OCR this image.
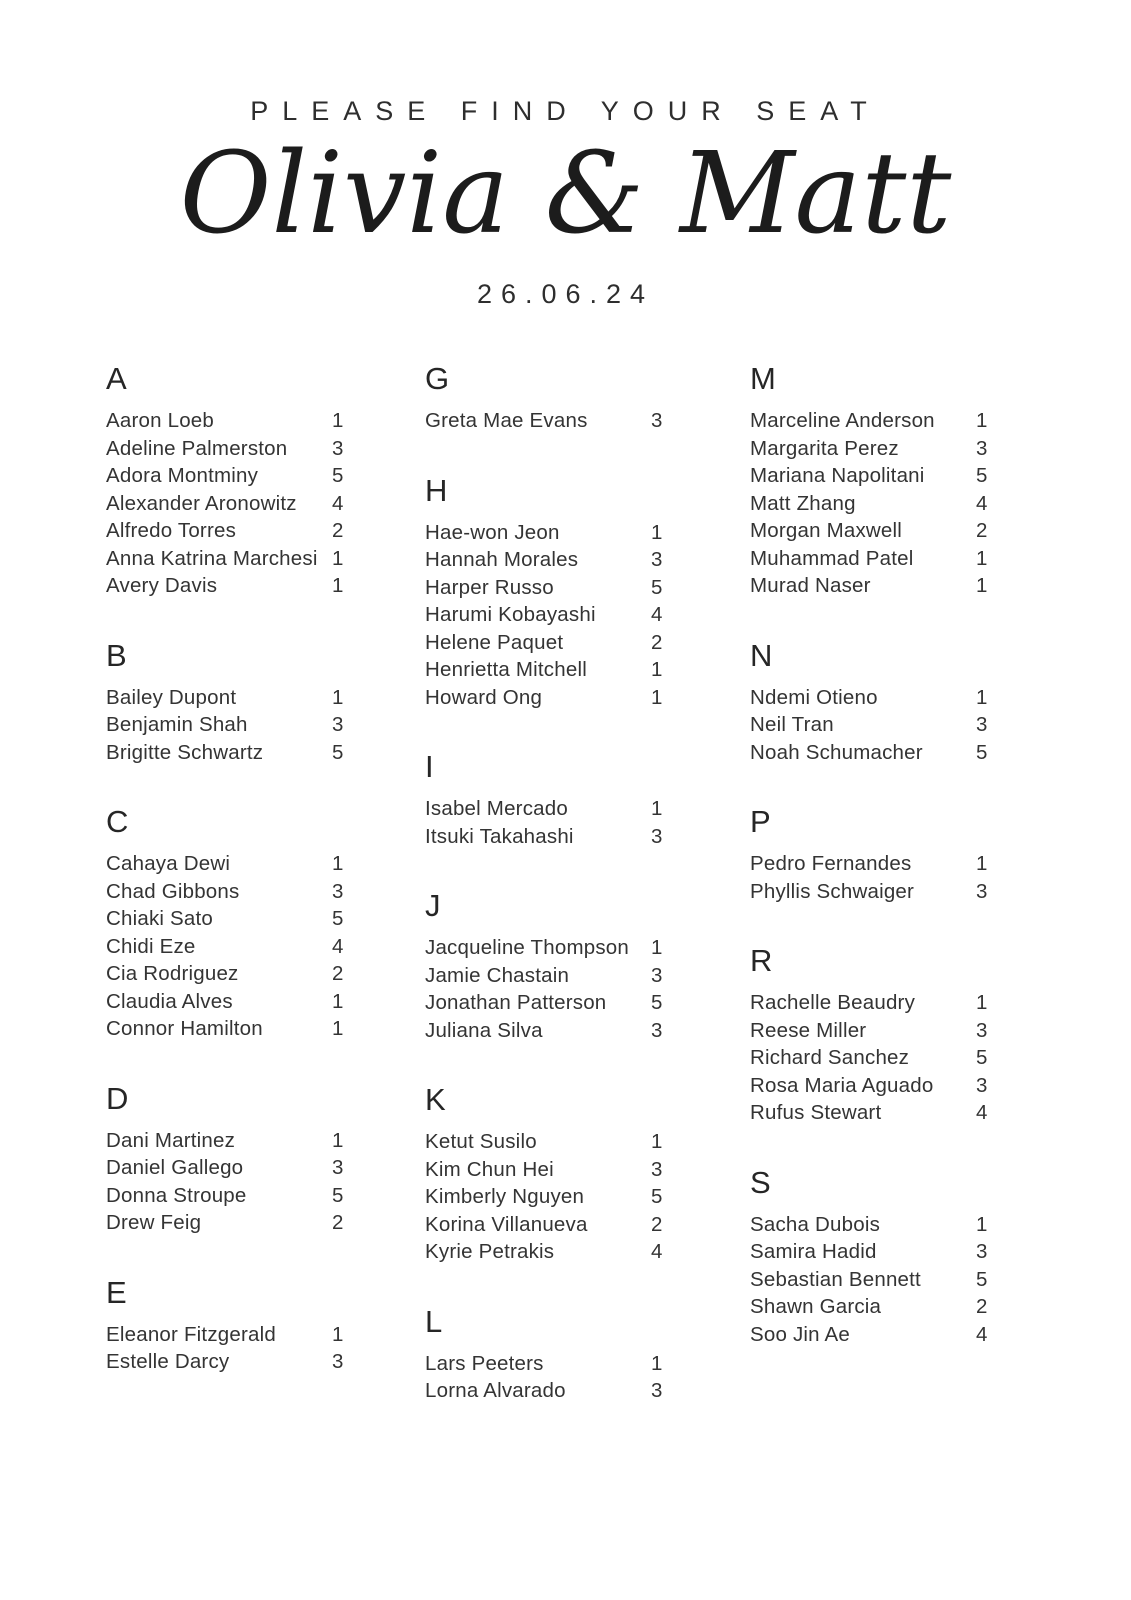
PLEASE FIND YOUR SEAT
Olivia & Matt
26.06.24
A
Aaron Loeb	1
Adeline Palmerston	3
Adora Montminy	5
Alexander Aronowitz	4
Alfredo Torres	2
Anna Katrina Marchesi 1
Avery Davis	1
B
Bailey Dupont	1
Benjamin Shah	3
Brigitte Schwartz	5
C
Cahaya Dewi	1
Chad Gibbons	3
Chiaki Sato	5
Chidi Eze	4
Cia Rodriguez	2
Claudia Alves	1
Connor Hamilton	1
D
Dani Martinez	1
Daniel Gallego	3
Donna Stroupe	5
Drew Feig	2
E
Eleanor Fitzgerald	1
Estelle Darcy	3
G
Greta Mae Evans	3
H
Hae-won Jeon	1
Hannah Morales	3
Harper Russo	5
Harumi Kobayashi	4
Helene Paquet	2
Henrietta Mitchell	1
Howard Ong	1
I
Isabel Mercado	1
Itsuki Takahashi	3
J
Jacqueline Thompson	1
Jamie Chastain	3
Jonathan Patterson	5
Juliana Silva	3
K
Ketut Susilo	1
Kim Chun Hei	3
Kimberly Nguyen	5
Korina Villanueva	2
Kyrie Petrakis	4
L
Lars Peeters	1
Lorna Alvarado	3
M
Marceline Anderson	1
Margarita Perez	3
Mariana Napolitani	5
Matt Zhang	4
Morgan Maxwell	2
Muhammad Patel	1
Murad Naser	1
N
Ndemi Otieno	1
Neil Tran	3
Noah Schumacher	5
P
Pedro Fernandes	1
Phyllis Schwaiger	3
R
Rachelle Beaudry	1
Reese Miller	3
Richard Sanchez	5
Rosa Maria Aguado	3
Rufus Stewart	4
S
Sacha Dubois	1
Samira Hadid	3
Sebastian Bennett	5
Shawn Garcia	2
Soo Jin Ae	4
